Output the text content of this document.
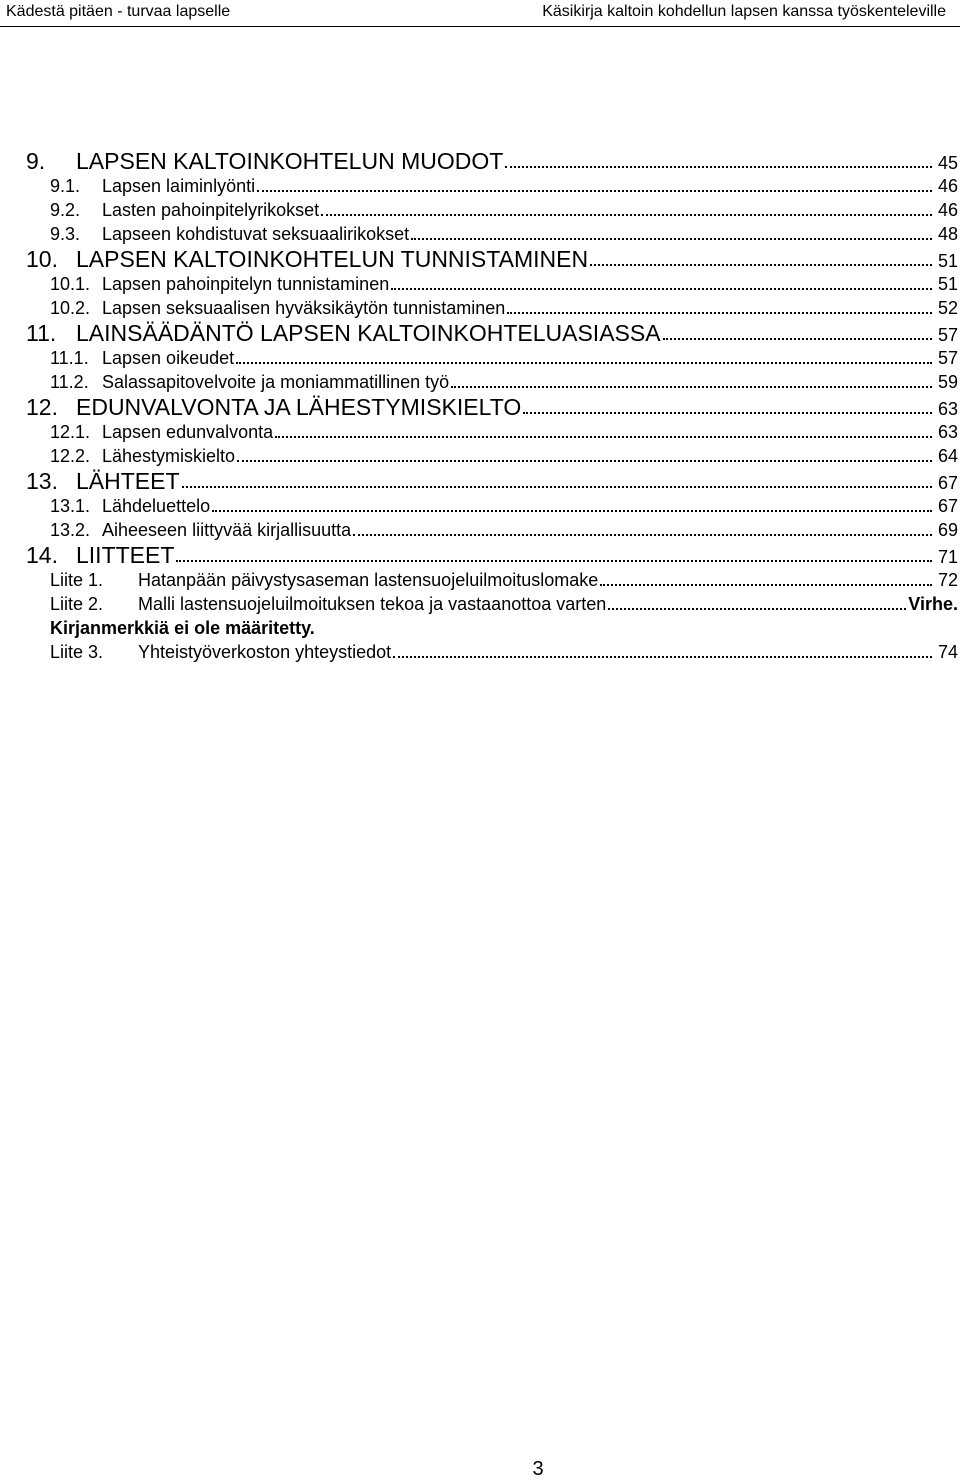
Kädestä pitäen - turvaa lapselle	Käsikirja kaltoin kohdellun lapsen kanssa työskenteleville
9.	LAPSEN KALTOINKOHTELUN MUODOT	45
9.1.	Lapsen laiminlyönti	46
9.2.	Lasten pahoinpitelyrikokset	46
9.3.	Lapseen kohdistuvat seksuaalirikokset	48
10. LAPSEN KALTOINKOHTELUN TUNNISTAMINEN	51
10.1. Lapsen pahoinpitelyn tunnistaminen	51
10.2. Lapsen seksuaalisen hyväksikäytön tunnistaminen	52
11. LAINSÄÄDÄNTÖ LAPSEN KALTOINKOHTELUASIASSA	57
11.1. Lapsen oikeudet	57
11.2. Salassapitovelvoite ja moniammatillinen työ	59
12. EDUNVALVONTA JA LÄHESTYMISKIELTO	63
12.1. Lapsen edunvalvonta	63
12.2. Lähestymiskielto	64
13. LÄHTEET	67
13.1. Lähdeluettelo	67
13.2. Aiheeseen liittyvää kirjallisuutta	69
14. LIITTEET	71
Liite 1.	Hatanpään päivystysaseman lastensuojeluilmoituslomake	72
Liite 2.	Malli lastensuojeluilmoituksen tekoa ja vastaanottoa varten	Virhe.
Kirjanmerkkiä ei ole määritetty.
Liite 3.	Yhteistyöverkoston yhteystiedot	74
3
